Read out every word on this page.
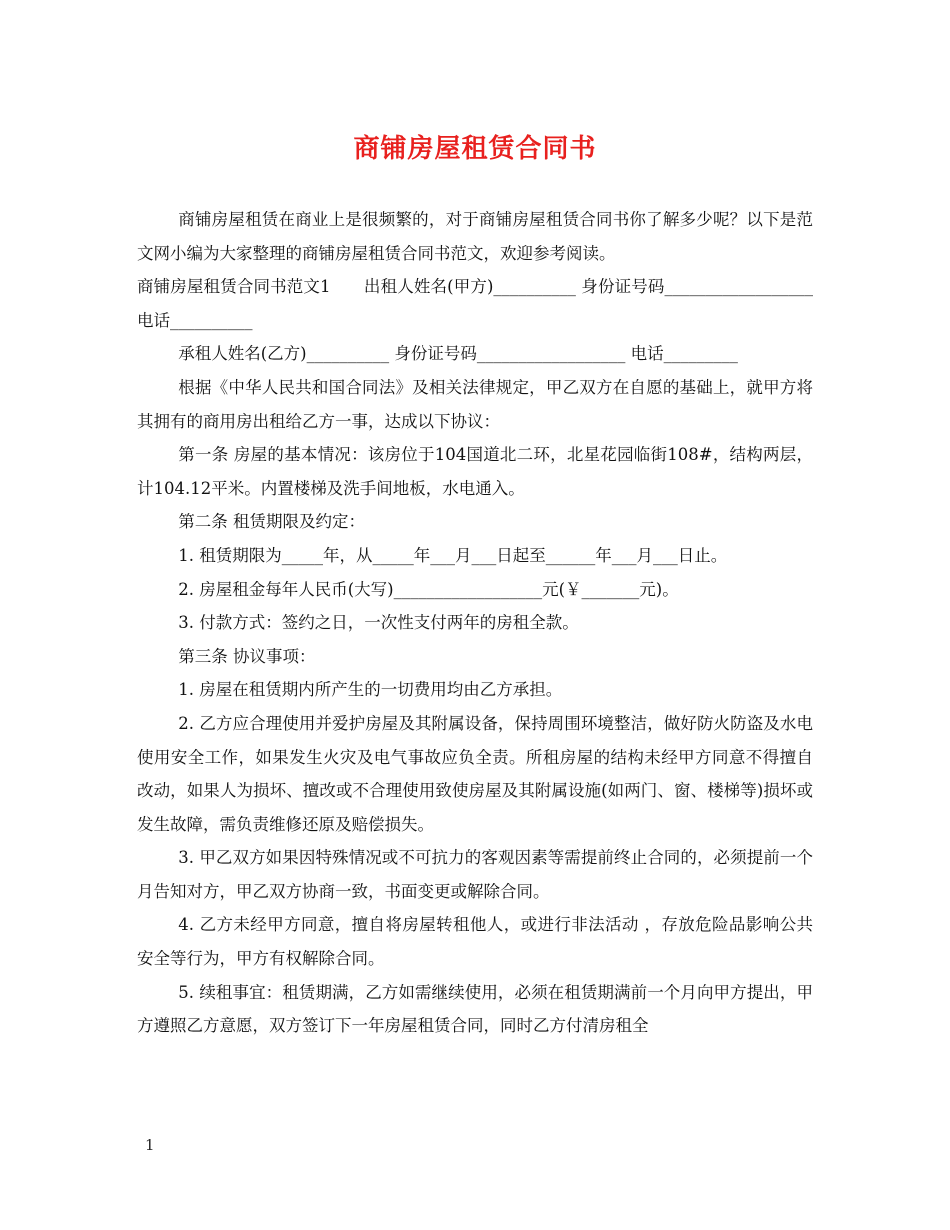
商铺房屋租赁合同书

商铺房屋租赁在商业上是很频繁的，对于商铺房屋租赁合同书你了解多少呢？以下是范文网小编为大家整理的商铺房屋租赁合同书范文，欢迎参考阅读。

商铺房屋租赁合同书范文1　　出租人姓名(甲方)__________ 身份证号码__________________ 电话__________

承租人姓名(乙方)__________ 身份证号码__________________ 电话_________

根据《中华人民共和国合同法》及相关法律规定，甲乙双方在自愿的基础上，就甲方将其拥有的商用房出租给乙方一事，达成以下协议：

第一条 房屋的基本情况：该房位于104国道北二环，北星花园临街108#，结构两层，计104.12平米。内置楼梯及洗手间地板，水电通入。

第二条 租赁期限及约定：

1. 租赁期限为_____年，从_____年___月___日起至______年___月___日止。

2. 房屋租金每年人民币(大写)__________________元(￥_______元)。

3. 付款方式：签约之日，一次性支付两年的房租全款。

第三条 协议事项：

1. 房屋在租赁期内所产生的一切费用均由乙方承担。

2. 乙方应合理使用并爱护房屋及其附属设备，保持周围环境整洁，做好防火防盗及水电使用安全工作，如果发生火灾及电气事故应负全责。所租房屋的结构未经甲方同意不得擅自改动，如果人为损坏、擅改或不合理使用致使房屋及其附属设施(如两门、窗、楼梯等)损坏或发生故障，需负责维修还原及赔偿损失。

3. 甲乙双方如果因特殊情况或不可抗力的客观因素等需提前终止合同的，必须提前一个月告知对方，甲乙双方协商一致，书面变更或解除合同。

4. 乙方未经甲方同意，擅自将房屋转租他人，或进行非法活动 ，存放危险品影响公共安全等行为，甲方有权解除合同。

5. 续租事宜：租赁期满，乙方如需继续使用，必须在租赁期满前一个月向甲方提出，甲方遵照乙方意愿，双方签订下一年房屋租赁合同，同时乙方付清房租全

1
